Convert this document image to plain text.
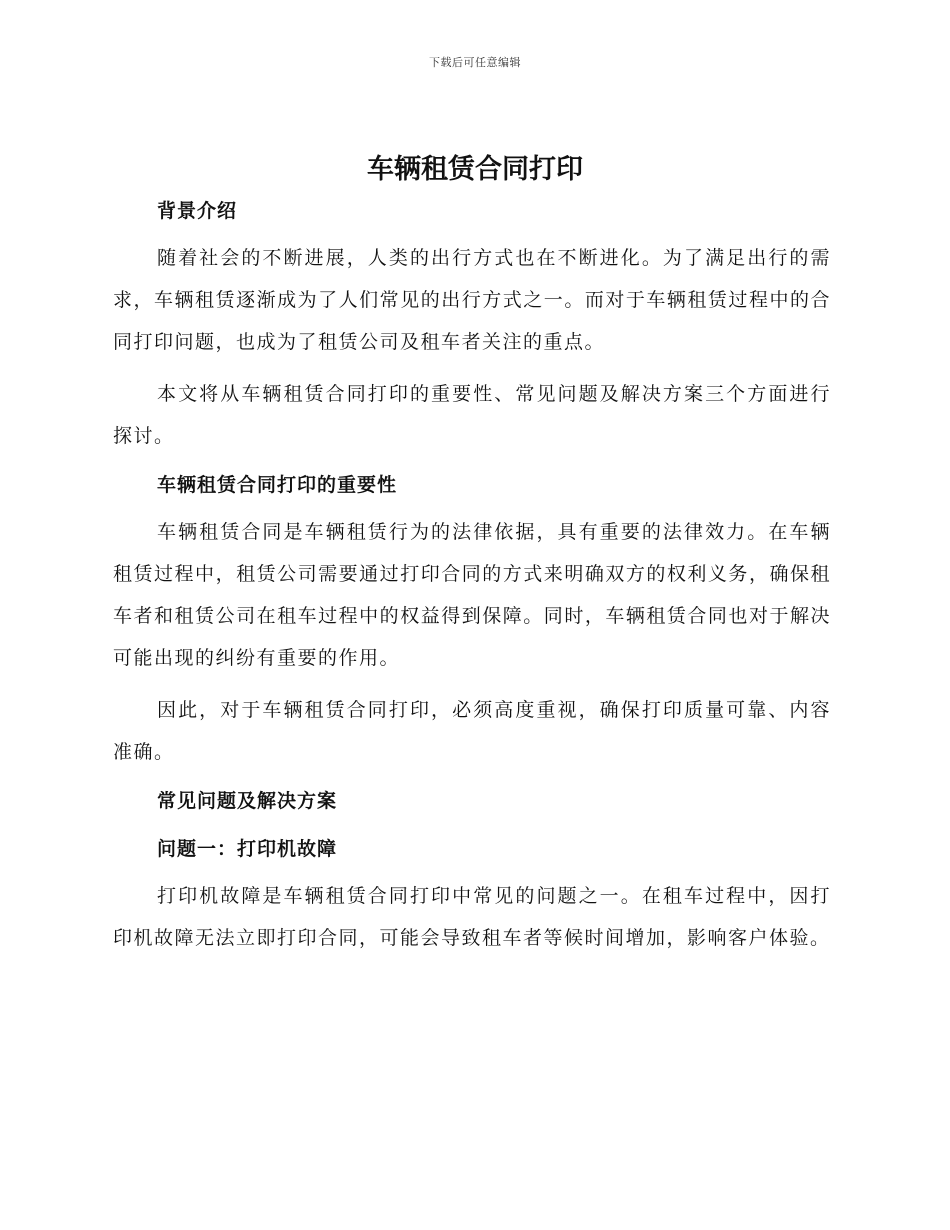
下载后可任意编辑
车辆租赁合同打印
背景介绍

随着社会的不断进展，人类的出行方式也在不断进化。为了满足出行的需求，车辆租赁逐渐成为了人们常见的出行方式之一。而对于车辆租赁过程中的合同打印问题，也成为了租赁公司及租车者关注的重点。

本文将从车辆租赁合同打印的重要性、常见问题及解决方案三个方面进行探讨。

车辆租赁合同打印的重要性

车辆租赁合同是车辆租赁行为的法律依据，具有重要的法律效力。在车辆租赁过程中，租赁公司需要通过打印合同的方式来明确双方的权利义务，确保租车者和租赁公司在租车过程中的权益得到保障。同时，车辆租赁合同也对于解决可能出现的纠纷有重要的作用。

因此，对于车辆租赁合同打印，必须高度重视，确保打印质量可靠、内容准确。

常见问题及解决方案
问题一：打印机故障

打印机故障是车辆租赁合同打印中常见的问题之一。在租车过程中，因打印机故障无法立即打印合同，可能会导致租车者等候时间增加，影响客户体验。
